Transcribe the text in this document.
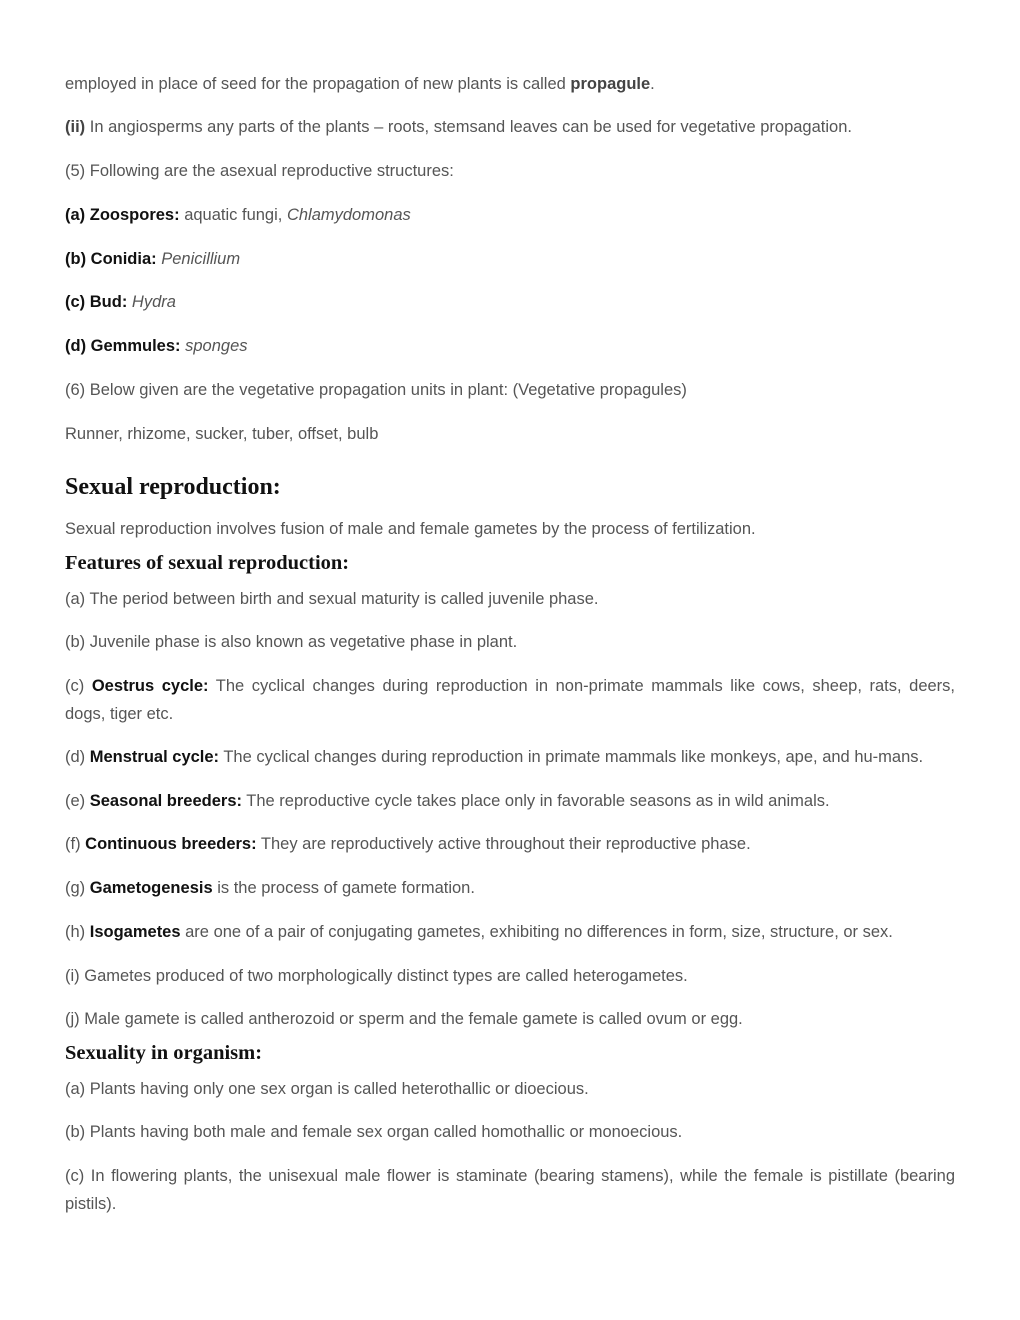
employed in place of seed for the propagation of new plants is called propagule.

(ii) In angiosperms any parts of the plants – roots, stemsand leaves can be used for vegetative propagation.

(5) Following are the asexual reproductive structures:

(a) Zoospores: aquatic fungi, Chlamydomonas

(b) Conidia: Penicillium

(c) Bud: Hydra

(d) Gemmules: sponges

(6) Below given are the vegetative propagation units in plant: (Vegetative propagules)

Runner, rhizome, sucker, tuber, offset, bulb

Sexual reproduction:

Sexual reproduction involves fusion of male and female gametes by the process of fertilization.

Features of sexual reproduction:

(a) The period between birth and sexual maturity is called juvenile phase.

(b) Juvenile phase is also known as vegetative phase in plant.

(c) Oestrus cycle: The cyclical changes during reproduction in non-primate mammals like cows, sheep, rats, deers, dogs, tiger etc.

(d) Menstrual cycle: The cyclical changes during reproduction in primate mammals like monkeys, ape, and hu-mans.

(e) Seasonal breeders: The reproductive cycle takes place only in favorable seasons as in wild animals.

(f) Continuous breeders: They are reproductively active throughout their reproductive phase.

(g) Gametogenesis is the process of gamete formation.

(h) Isogametes are one of a pair of conjugating gametes, exhibiting no differences in form, size, structure, or sex.

(i) Gametes produced of two morphologically distinct types are called heterogametes.

(j) Male gamete is called antherozoid or sperm and the female gamete is called ovum or egg.

Sexuality in organism:

(a) Plants having only one sex organ is called heterothallic or dioecious.

(b) Plants having both male and female sex organ called homothallic or monoecious.

(c) In flowering plants, the unisexual male flower is staminate (bearing stamens), while the female is pistillate (bearing pistils).
